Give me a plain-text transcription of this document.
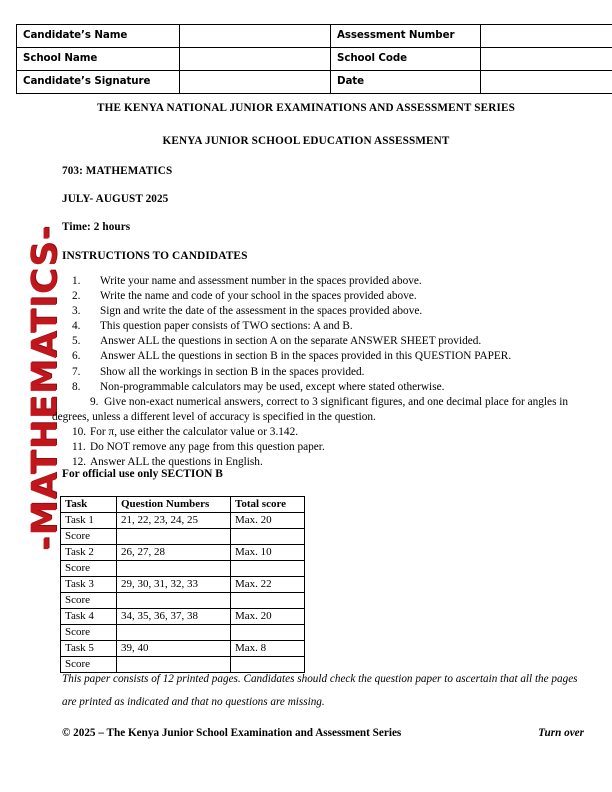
-MATHEMATICS-
Candidate’s Name		Assessment Number	
School Name		School Code	
Candidate’s Signature		Date	
THE KENYA NATIONAL JUNIOR EXAMINATIONS AND ASSESSMENT SERIES
KENYA JUNIOR SCHOOL EDUCATION ASSESSMENT
703: MATHEMATICS
JULY- AUGUST 2025
Time: 2 hours
INSTRUCTIONS TO CANDIDATES
1.	Write your name and assessment number in the spaces provided above.
2.	Write the name and code of your school in the spaces provided above.
3.	Sign and write the date of the assessment in the spaces provided above.
4.	This question paper consists of TWO sections: A and B.
5.	Answer ALL the questions in section A on the separate ANSWER SHEET provided.
6.	Answer ALL the questions in section B in the spaces provided in this QUESTION PAPER.
7.	Show all the workings in section B in the spaces provided.
8.	Non-programmable calculators may be used, except where stated otherwise.
9. Give non-exact numerical answers, correct to 3 significant figures, and one decimal place for angles in degrees, unless a different level of accuracy is specified in the question.
10. For π, use either the calculator value or 3.142.
11. Do NOT remove any page from this question paper.
12. Answer ALL the questions in English.
For official use only SECTION B
Task	Question Numbers	Total score
Task 1	21, 22, 23, 24, 25	Max. 20
Score		
Task 2	26, 27, 28	Max. 10
Score		
Task 3	29, 30, 31, 32, 33	Max. 22
Score		
Task 4	34, 35, 36, 37, 38	Max. 20
Score		
Task 5	39, 40	Max. 8
Score		
This paper consists of 12 printed pages. Candidates should check the question paper to ascertain that all the pages are printed as indicated and that no questions are missing.
© 2025 – The Kenya Junior School Examination and Assessment Series	Turn over
